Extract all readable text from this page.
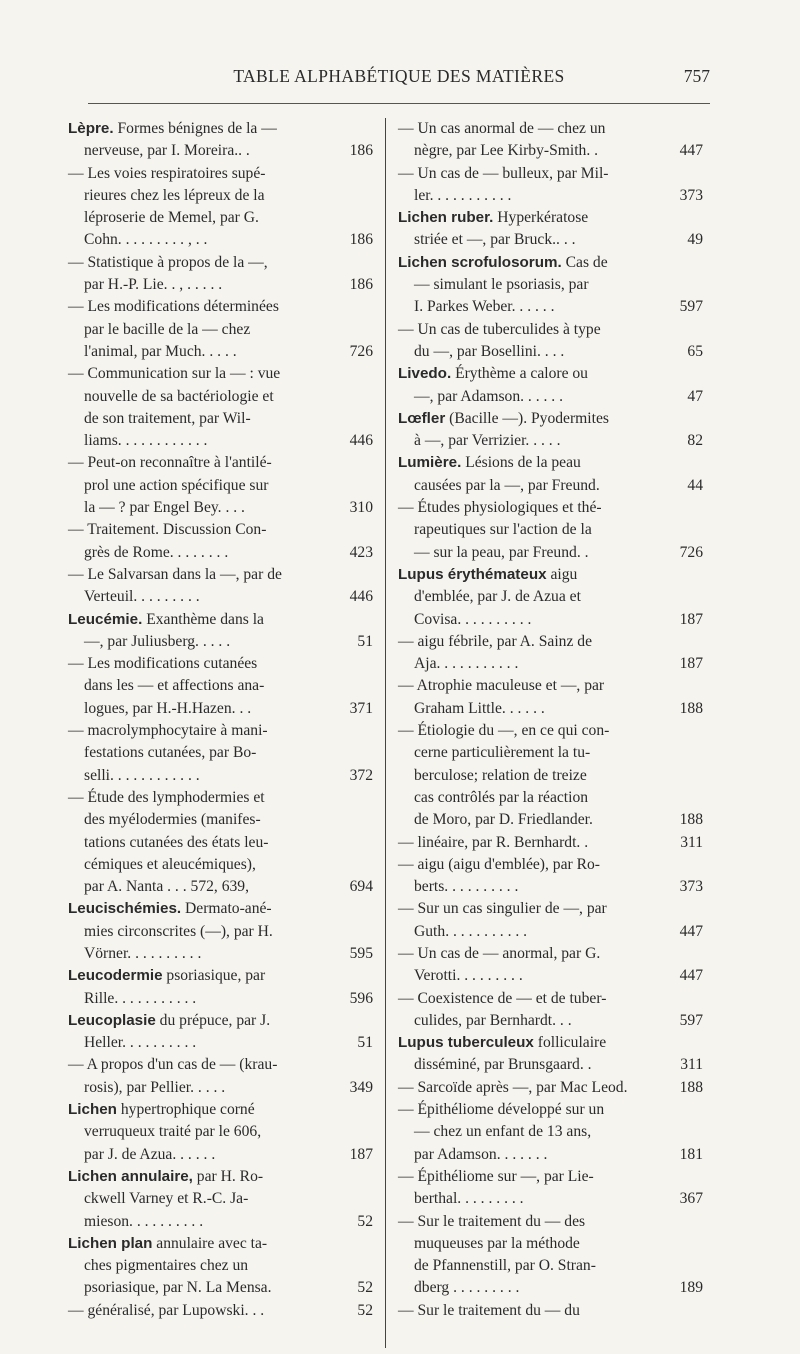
TABLE ALPHABÉTIQUE DES MATIÈRES	757
Lèpre. Formes bénignes de la —
nerveuse, par I. Moreira.. .	186
— Les voies respiratoires supé-
rieures chez les lépreux de la
léproserie de Memel, par G.
Cohn. . . . . . . . . , . .	186
— Statistique à propos de la —,
par H.-P. Lie. . , . . . . .	186
— Les modifications déterminées
par le bacille de la — chez
l'animal, par Much. . . . .	726
— Communication sur la — : vue
nouvelle de sa bactériologie et
de son traitement, par Wil-
liams. . . . . . . . . . . .	446
— Peut-on reconnaître à l'antilé-
prol une action spécifique sur
la — ? par Engel Bey. . . .	310
— Traitement. Discussion Con-
grès de Rome. . . . . . . .	423
— Le Salvarsan dans la —, par de
Verteuil. . . . . . . . .	446
Leucémie. Exanthème dans la
—, par Juliusberg. . . . .	51
— Les modifications cutanées
dans les — et affections ana-
logues, par H.-H.Hazen. . .	371
— macrolymphocytaire à mani-
festations cutanées, par Bo-
selli. . . . . . . . . . . .	372
— Étude des lymphodermies et
des myélodermies (manifes-
tations cutanées des états leu-
cémiques et aleucémiques),
par A. Nanta . . . 572, 639,	694
Leucischémies. Dermato-ané-
mies circonscrites (—), par H.
Vörner. . . . . . . . . .	595
Leucodermie psoriasique, par
Rille. . . . . . . . . . .	596
Leucoplasie du prépuce, par J.
Heller. . . . . . . . . .	51
— A propos d'un cas de — (krau-
rosis), par Pellier. . . . .	349
Lichen hypertrophique corné
verruqueux traité par le 606,
par J. de Azua. . . . . .	187
Lichen annulaire, par H. Ro-
ckwell Varney et R.-C. Ja-
mieson. . . . . . . . . .	52
Lichen plan annulaire avec ta-
ches pigmentaires chez un
psoriasique, par N. La Mensa.	52
— généralisé, par Lupowski. . .	52
— Un cas anormal de — chez un
nègre, par Lee Kirby-Smith. .	447
— Un cas de — bulleux, par Mil-
ler. . . . . . . . . . .	373
Lichen ruber. Hyperkératose
striée et —, par Bruck.. . .	49
Lichen scrofulosorum. Cas de
— simulant le psoriasis, par
I. Parkes Weber. . . . . .	597
— Un cas de tuberculides à type
du —, par Bosellini. . . .	65
Livedo. Érythème a calore ou
—, par Adamson. . . . . .	47
Lœfler (Bacille —). Pyodermites
à —, par Verrizier. . . . .	82
Lumière. Lésions de la peau
causées par la —, par Freund.	44
— Études physiologiques et thé-
rapeutiques sur l'action de la
— sur la peau, par Freund. .	726
Lupus érythémateux aigu
d'emblée, par J. de Azua et
Covisa. . . . . . . . . .	187
— aigu fébrile, par A. Sainz de
Aja. . . . . . . . . . .	187
— Atrophie maculeuse et —, par
Graham Little. . . . . .	188
— Étiologie du —, en ce qui con-
cerne particulièrement la tu-
berculose; relation de treize
cas contrôlés par la réaction
de Moro, par D. Friedlander.	188
— linéaire, par R. Bernhardt. .	311
— aigu (aigu d'emblée), par Ro-
berts. . . . . . . . . .	373
— Sur un cas singulier de —, par
Guth. . . . . . . . . . .	447
— Un cas de — anormal, par G.
Verotti. . . . . . . . .	447
— Coexistence de — et de tuber-
culides, par Bernhardt. . .	597
Lupus tuberculeux folliculaire
disséminé, par Brunsgaard. .	311
— Sarcoïde après —, par Mac Leod.	188
— Épithéliome développé sur un
— chez un enfant de 13 ans,
par Adamson. . . . . . .	181
— Épithéliome sur —, par Lie-
berthal. . . . . . . . .	367
— Sur le traitement du — des
muqueuses par la méthode
de Pfannenstill, par O. Stran-
dberg . . . . . . . . .	189
— Sur le traitement du — du
